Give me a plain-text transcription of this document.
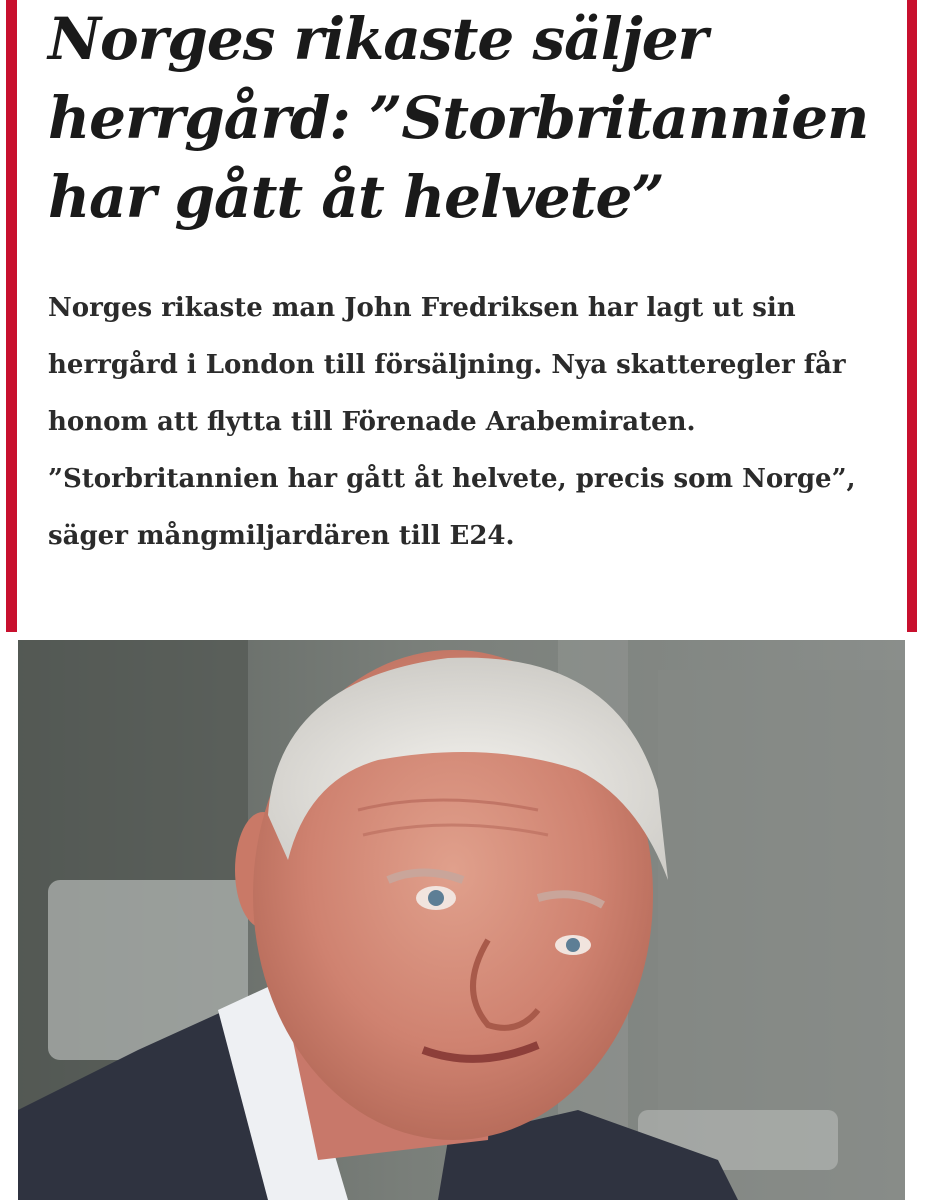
Norges rikaste säljer herrgård: ”Storbritannien har gått åt helvete”

Norges rikaste man John Fredriksen har lagt ut sin herrgård i London till försäljning. Nya skatteregler får honom att flytta till Förenade Arabemiraten.

”Storbritannien har gått åt helvete, precis som Norge”, säger mångmiljardären till E24.
